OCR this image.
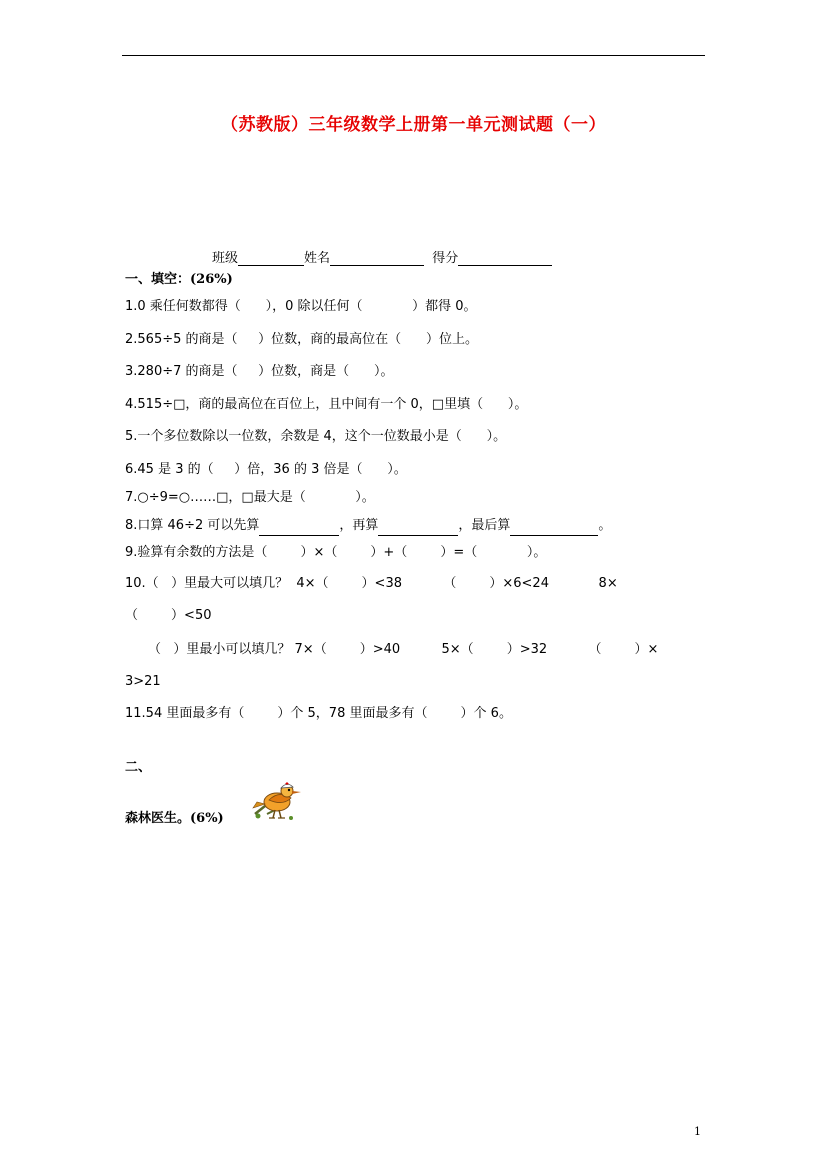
（苏教版）三年级数学上册第一单元测试题（一）
班级	姓名	得分
一、填空：(26%)
1.0 乘任何数都得（      ），0 除以任何（            ）都得 0。
2.565÷5 的商是（     ）位数，商的最高位在（      ）位上。
3.280÷7 的商是（     ）位数，商是（      ）。
4.515÷□，商的最高位在百位上，且中间有一个 0，□里填（      ）。
5.一个多位数除以一位数，余数是 4，这个一位数最小是（      ）。
6.45 是 3 的（     ）倍，36 的 3 倍是（      ）。
7.○÷9=○……□，□最大是（            ）。
8.口算 46÷2 可以先算	，再算	，最后算	。
9.验算有余数的方法是（        ）×（        ）+（        ）=（            ）。
10.（   ）里最大可以填几？  4×（        ）<38          （        ）×6<24            8×
（        ）<50
（   ）里最小可以填几？ 7×（        ）>40          5×（        ）>32          （        ）×
3>21
11.54 里面最多有（        ）个 5，78 里面最多有（        ）个 6。
二、
森林医生。(6%)
1
